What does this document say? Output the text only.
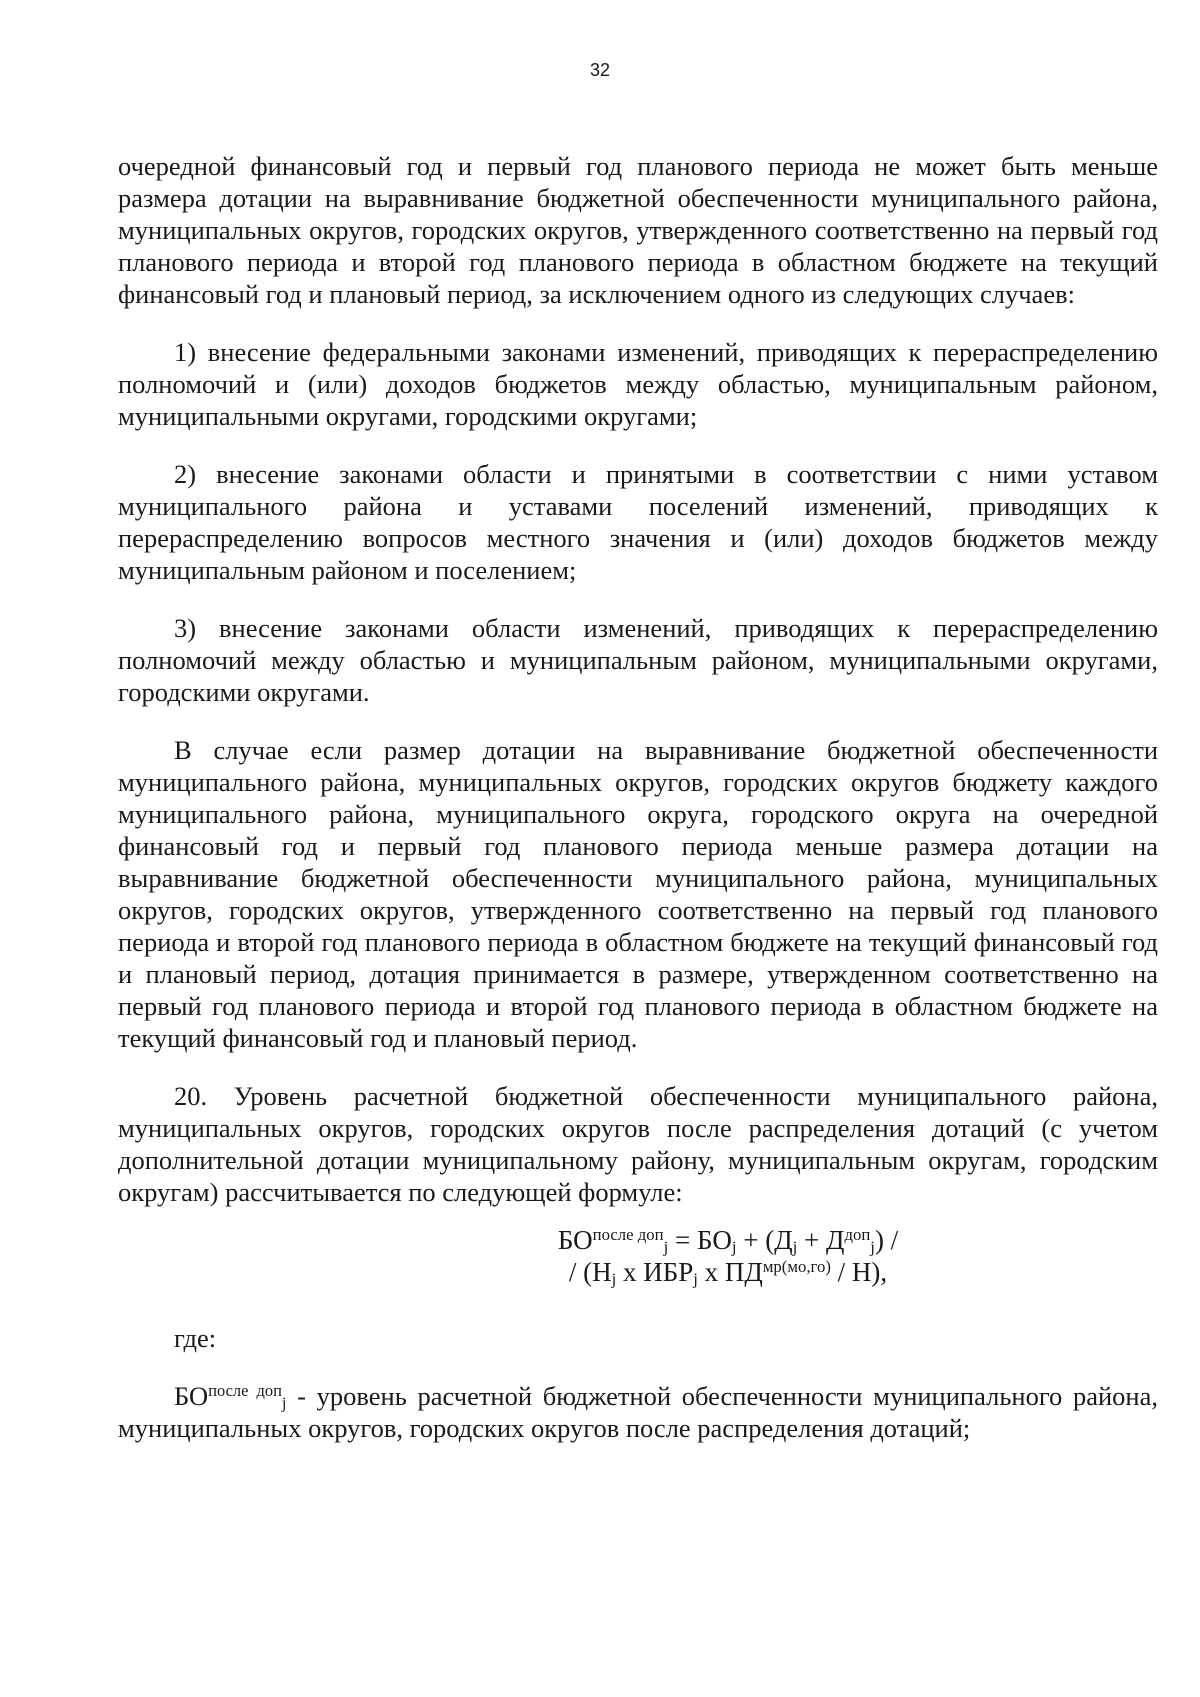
32

очередной финансовый год и первый год планового периода не может быть меньше размера дотации на выравнивание бюджетной обеспеченности муниципального района, муниципальных округов, городских округов, утвержденного соответственно на первый год планового периода и второй год планового периода в областном бюджете на текущий финансовый год и плановый период, за исключением одного из следующих случаев:

1) внесение федеральными законами изменений, приводящих к перераспределению полномочий и (или) доходов бюджетов между областью, муниципальным районом, муниципальными округами, городскими округами;

2) внесение законами области и принятыми в соответствии с ними уставом муниципального района и уставами поселений изменений, приводящих к перераспределению вопросов местного значения и (или) доходов бюджетов между муниципальным районом и поселением;

3) внесение законами области изменений, приводящих к перераспределению полномочий между областью и муниципальным районом, муниципальными округами, городскими округами.

В случае если размер дотации на выравнивание бюджетной обеспеченности муниципального района, муниципальных округов, городских округов бюджету каждого муниципального района, муниципального округа, городского округа на очередной финансовый год и первый год планового периода меньше размера дотации на выравнивание бюджетной обеспеченности муниципального района, муниципальных округов, городских округов, утвержденного соответственно на первый год планового периода и второй год планового периода в областном бюджете на текущий финансовый год и плановый период, дотация принимается в размере, утвержденном соответственно на первый год планового периода и второй год планового периода в областном бюджете на текущий финансовый год и плановый период.

20. Уровень расчетной бюджетной обеспеченности муниципального района, муниципальных округов, городских округов после распределения дотаций (с учетом дополнительной дотации муниципальному району, муниципальным округам, городским округам) рассчитывается по следующей формуле:

$БО^{после доп}_j = БО_j + (Д_j + Д^{доп}_j)$ /
/ ($Н_j$ x $ИБР_j$ x $ПД^{мр(мо,го)} / Н$),

где:

$БО^{после доп}_j$ - уровень расчетной бюджетной обеспеченности муниципального района, муниципальных округов, городских округов после распределения дотаций;
